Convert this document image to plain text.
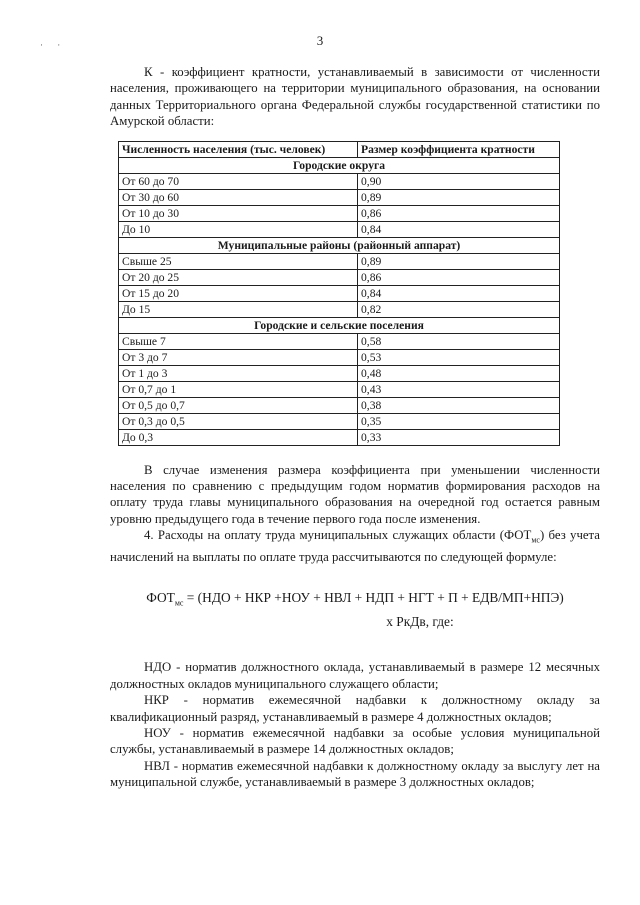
3
· ·

К - коэффициент кратности, устанавливаемый в зависимости от численности населения, проживающего на территории муниципального образования, на основании данных Территориального органа Федеральной службы государственной статистики по Амурской области:

Численность населения (тыс. человек)	Размер коэффициента кратности
Городские округа	
От 60 до 70	0,90
От 30 до 60	0,89
От 10 до 30	0,86
До 10	0,84
Муниципальные районы (районный аппарат)	
Свыше 25	0,89
От 20 до 25	0,86
От 15 до 20	0,84
До 15	0,82
Городские и сельские поселения	
Свыше 7	0,58
От 3 до 7	0,53
От 1 до 3	0,48
От 0,7 до 1	0,43
От 0,5 до 0,7	0,38
От 0,3 до 0,5	0,35
До 0,3	0,33

В случае изменения размера коэффициента при уменьшении численности населения по сравнению с предыдущим годом норматив формирования расходов на оплату труда главы муниципального образования на очередной год остается равным уровню предыдущего года в течение первого года после изменения.

4. Расходы на оплату труда муниципальных служащих области $(ФОТ_{мс})$ без учета начислений на выплаты по оплате труда рассчитываются по следующей формуле:

$ФОТ_{мс} = (НДО$ + НКР +НОУ + НВЛ + НДП + НГТ + П + ЕДВ/МП+НПЭ)
х РкДв, где:

НДО - норматив должностного оклада, устанавливаемый в размере 12 месячных должностных окладов муниципального служащего области;

НКР - норматив ежемесячной надбавки к должностному окладу за квалификационный разряд, устанавливаемый в размере 4 должностных окладов;

НОУ - норматив ежемесячной надбавки за особые условия муниципальной службы, устанавливаемый в размере 14 должностных окладов;

НВЛ - норматив ежемесячной надбавки к должностному окладу за выслугу лет на муниципальной службе, устанавливаемый в размере 3 должностных окладов;
